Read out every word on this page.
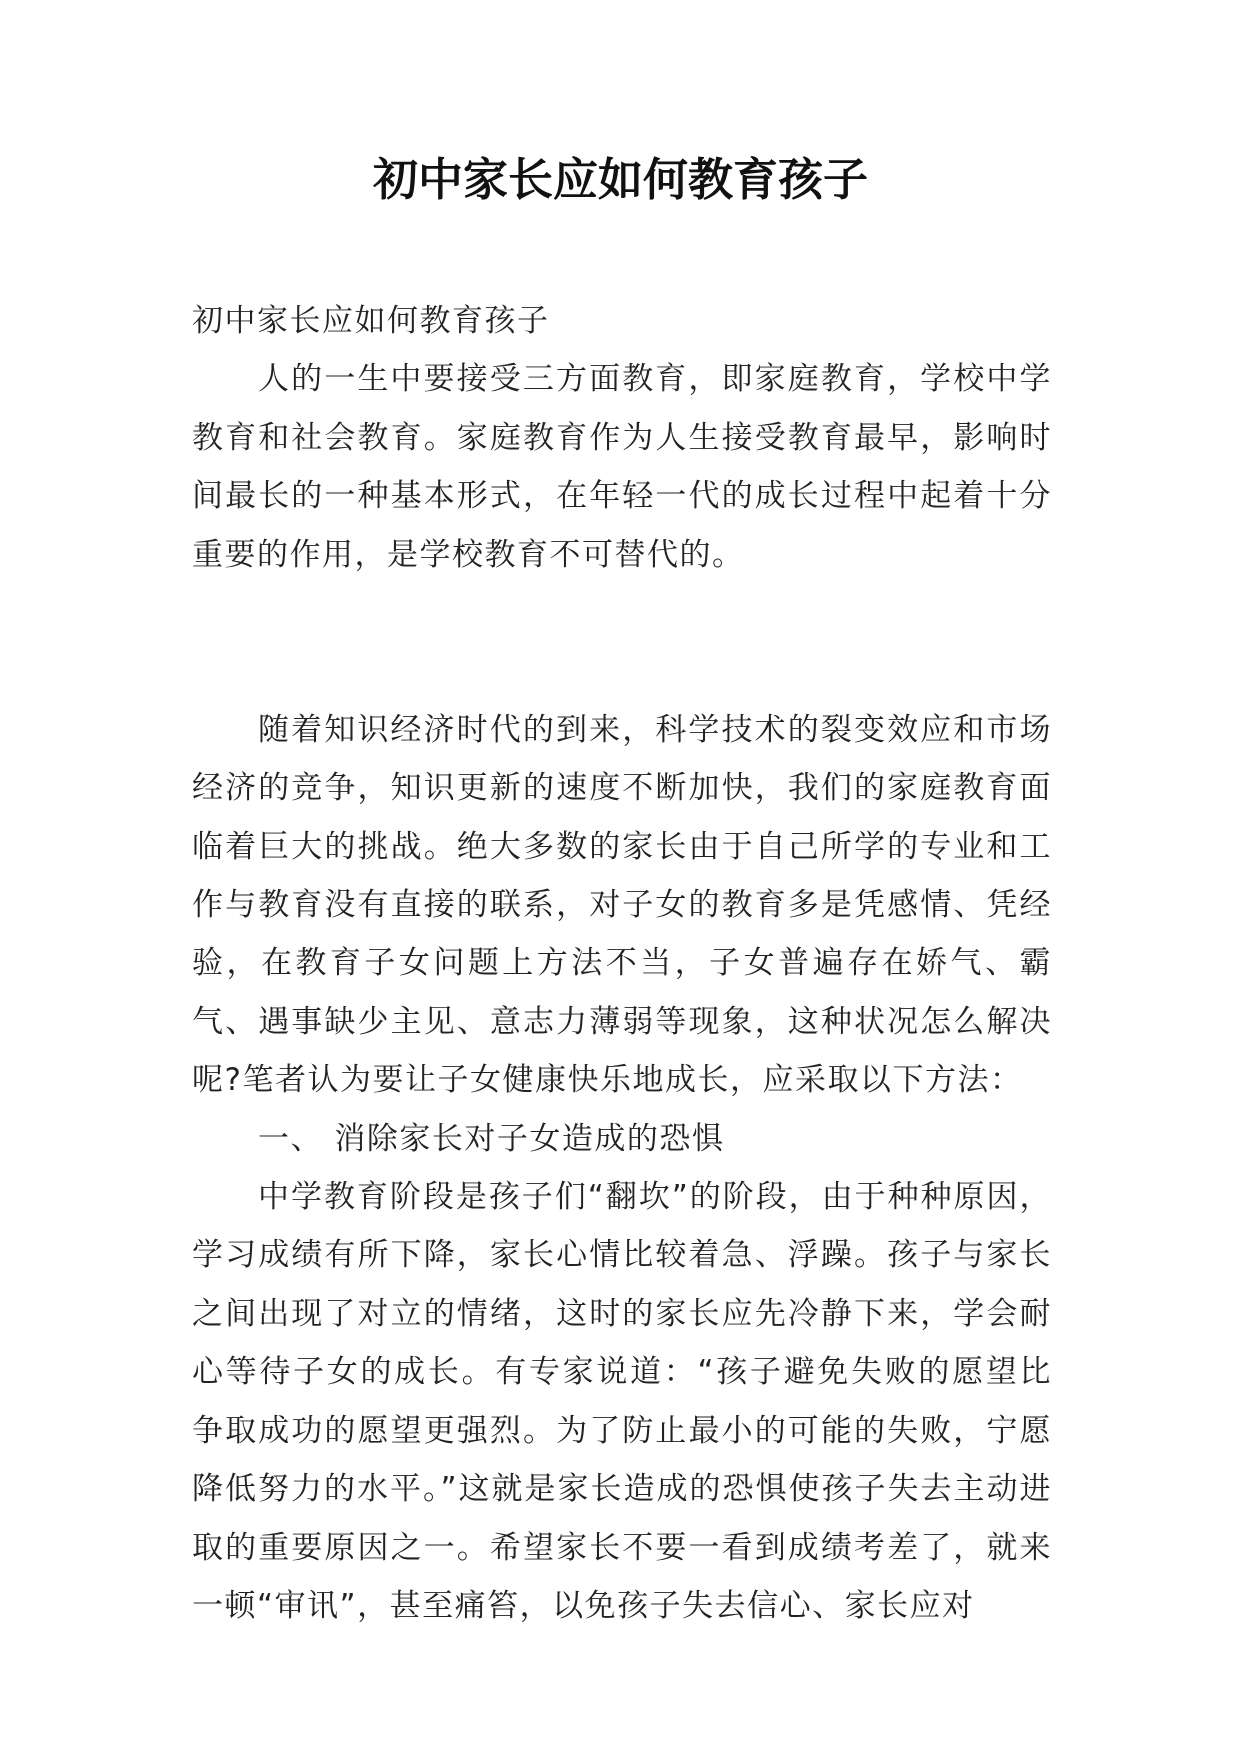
初中家长应如何教育孩子

初中家长应如何教育孩子

人的一生中要接受三方面教育，即家庭教育，学校中学教育和社会教育。家庭教育作为人生接受教育最早，影响时间最长的一种基本形式，在年轻一代的成长过程中起着十分重要的作用，是学校教育不可替代的。

随着知识经济时代的到来，科学技术的裂变效应和市场经济的竞争，知识更新的速度不断加快，我们的家庭教育面临着巨大的挑战。绝大多数的家长由于自己所学的专业和工作与教育没有直接的联系，对子女的教育多是凭感情、凭经验，在教育子女问题上方法不当，子女普遍存在娇气、霸气、遇事缺少主见、意志力薄弱等现象，这种状况怎么解决呢?笔者认为要让子女健康快乐地成长，应采取以下方法：

一、 消除家长对子女造成的恐惧

中学教育阶段是孩子们“翻坎”的阶段，由于种种原因，学习成绩有所下降，家长心情比较着急、浮躁。孩子与家长之间出现了对立的情绪，这时的家长应先冷静下来，学会耐心等待子女的成长。有专家说道：“孩子避免失败的愿望比争取成功的愿望更强烈。为了防止最小的可能的失败，宁愿降低努力的水平。”这就是家长造成的恐惧使孩子失去主动进取的重要原因之一。希望家长不要一看到成绩考差了，就来一顿“审讯”，甚至痛笞，以免孩子失去信心、家长应对
